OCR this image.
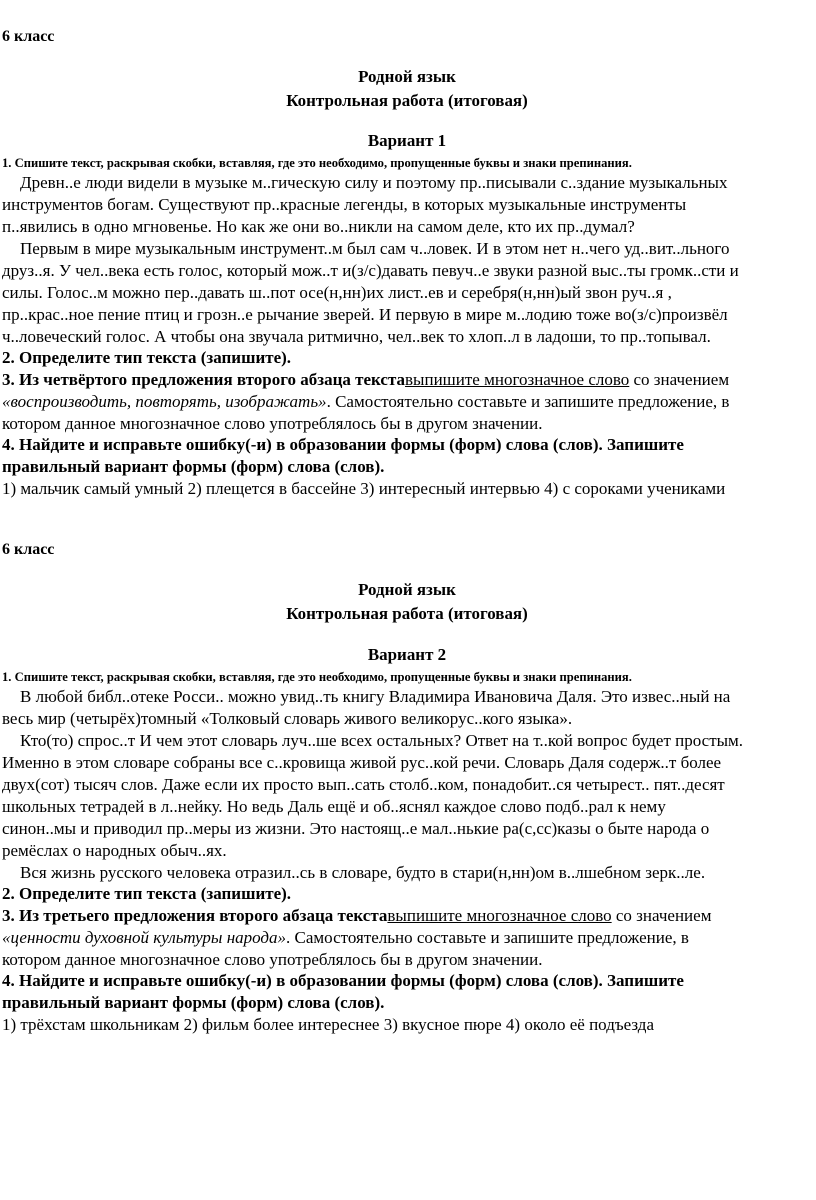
6 класс
Родной язык
Контрольная работа (итоговая)
Вариант 1
1. Спишите текст, раскрывая скобки, вставляя, где это необходимо, пропущенные буквы и знаки препинания.
Древн..е люди видели в музыке м..гическую силу и поэтому пр..писывали с..здание музыкальных
инструментов богам. Существуют пр..красные легенды, в которых музыкальные инструменты
п..явились в одно мгновенье. Но как же они во..никли на самом деле, кто их пр..думал?
Первым в мире музыкальным инструмент..м был сам ч..ловек. И в этом нет н..чего уд..вит..льного
друз..я. У чел..века есть голос, который мож..т и(з/с)давать певуч..е звуки разной выс..ты громк..сти и
силы. Голос..м можно пер..давать ш..пот осе(н,нн)их лист..ев и серебря(н,нн)ый звон руч..я ,
пр..крас..ное пение птиц и грозн..е рычание зверей. И первую в мире м..лодию тоже во(з/с)произвёл
ч..ловеческий голос. А чтобы она звучала ритмично, чел..век то хлоп..л в ладоши, то пр..топывал.
2. Определите тип текста (запишите).
3. Из четвёртого предложения второго абзаца текставыпишите многозначное слово со значением
«воспроизводить, повторять, изображать». Самостоятельно составьте и запишите предложение, в
котором данное многозначное слово употреблялось бы в другом значении.
4. Найдите и исправьте ошибку(-и) в образовании формы (форм) слова (слов). Запишите
правильный вариант формы (форм) слова (слов).
1) мальчик самый умный 2) плещется в бассейне 3) интересный интервью 4) с сороками учениками
6 класс
Родной язык
Контрольная работа (итоговая)
Вариант 2
1. Спишите текст, раскрывая скобки, вставляя, где это необходимо, пропущенные буквы и знаки препинания.
В любой библ..отеке Росси.. можно увид..ть книгу Владимира Ивановича Даля. Это извес..ный на
весь мир (четырёх)томный «Толковый словарь живого великорус..кого языка».
Кто(то) спрос..т И чем этот словарь луч..ше всех остальных? Ответ на т..кой вопрос будет простым.
Именно в этом словаре собраны все с..кровища живой рус..кой речи. Словарь Даля содерж..т более
двух(сот) тысяч слов. Даже если их просто вып..сать столб..ком, понадобит..ся четырест.. пят..десят
школьных тетрадей в л..нейку. Но ведь Даль ещё и об..яснял каждое слово подб..рал к нему
синон..мы и приводил пр..меры из жизни. Это настоящ..е мал..нькие ра(с,сс)казы о быте народа о
ремёслах о народных обыч..ях.
Вся жизнь русского человека отразил..сь в словаре, будто в стари(н,нн)ом в..лшебном зерк..ле.
2. Определите тип текста (запишите).
3. Из третьего предложения второго абзаца текставыпишите многозначное слово со значением
«ценности духовной культуры народа». Самостоятельно составьте и запишите предложение, в
котором данное многозначное слово употреблялось бы в другом значении.
4. Найдите и исправьте ошибку(-и) в образовании формы (форм) слова (слов). Запишите
правильный вариант формы (форм) слова (слов).
1) трёхстам школьникам 2) фильм более интереснее 3) вкусное пюре 4) около её подъезда
